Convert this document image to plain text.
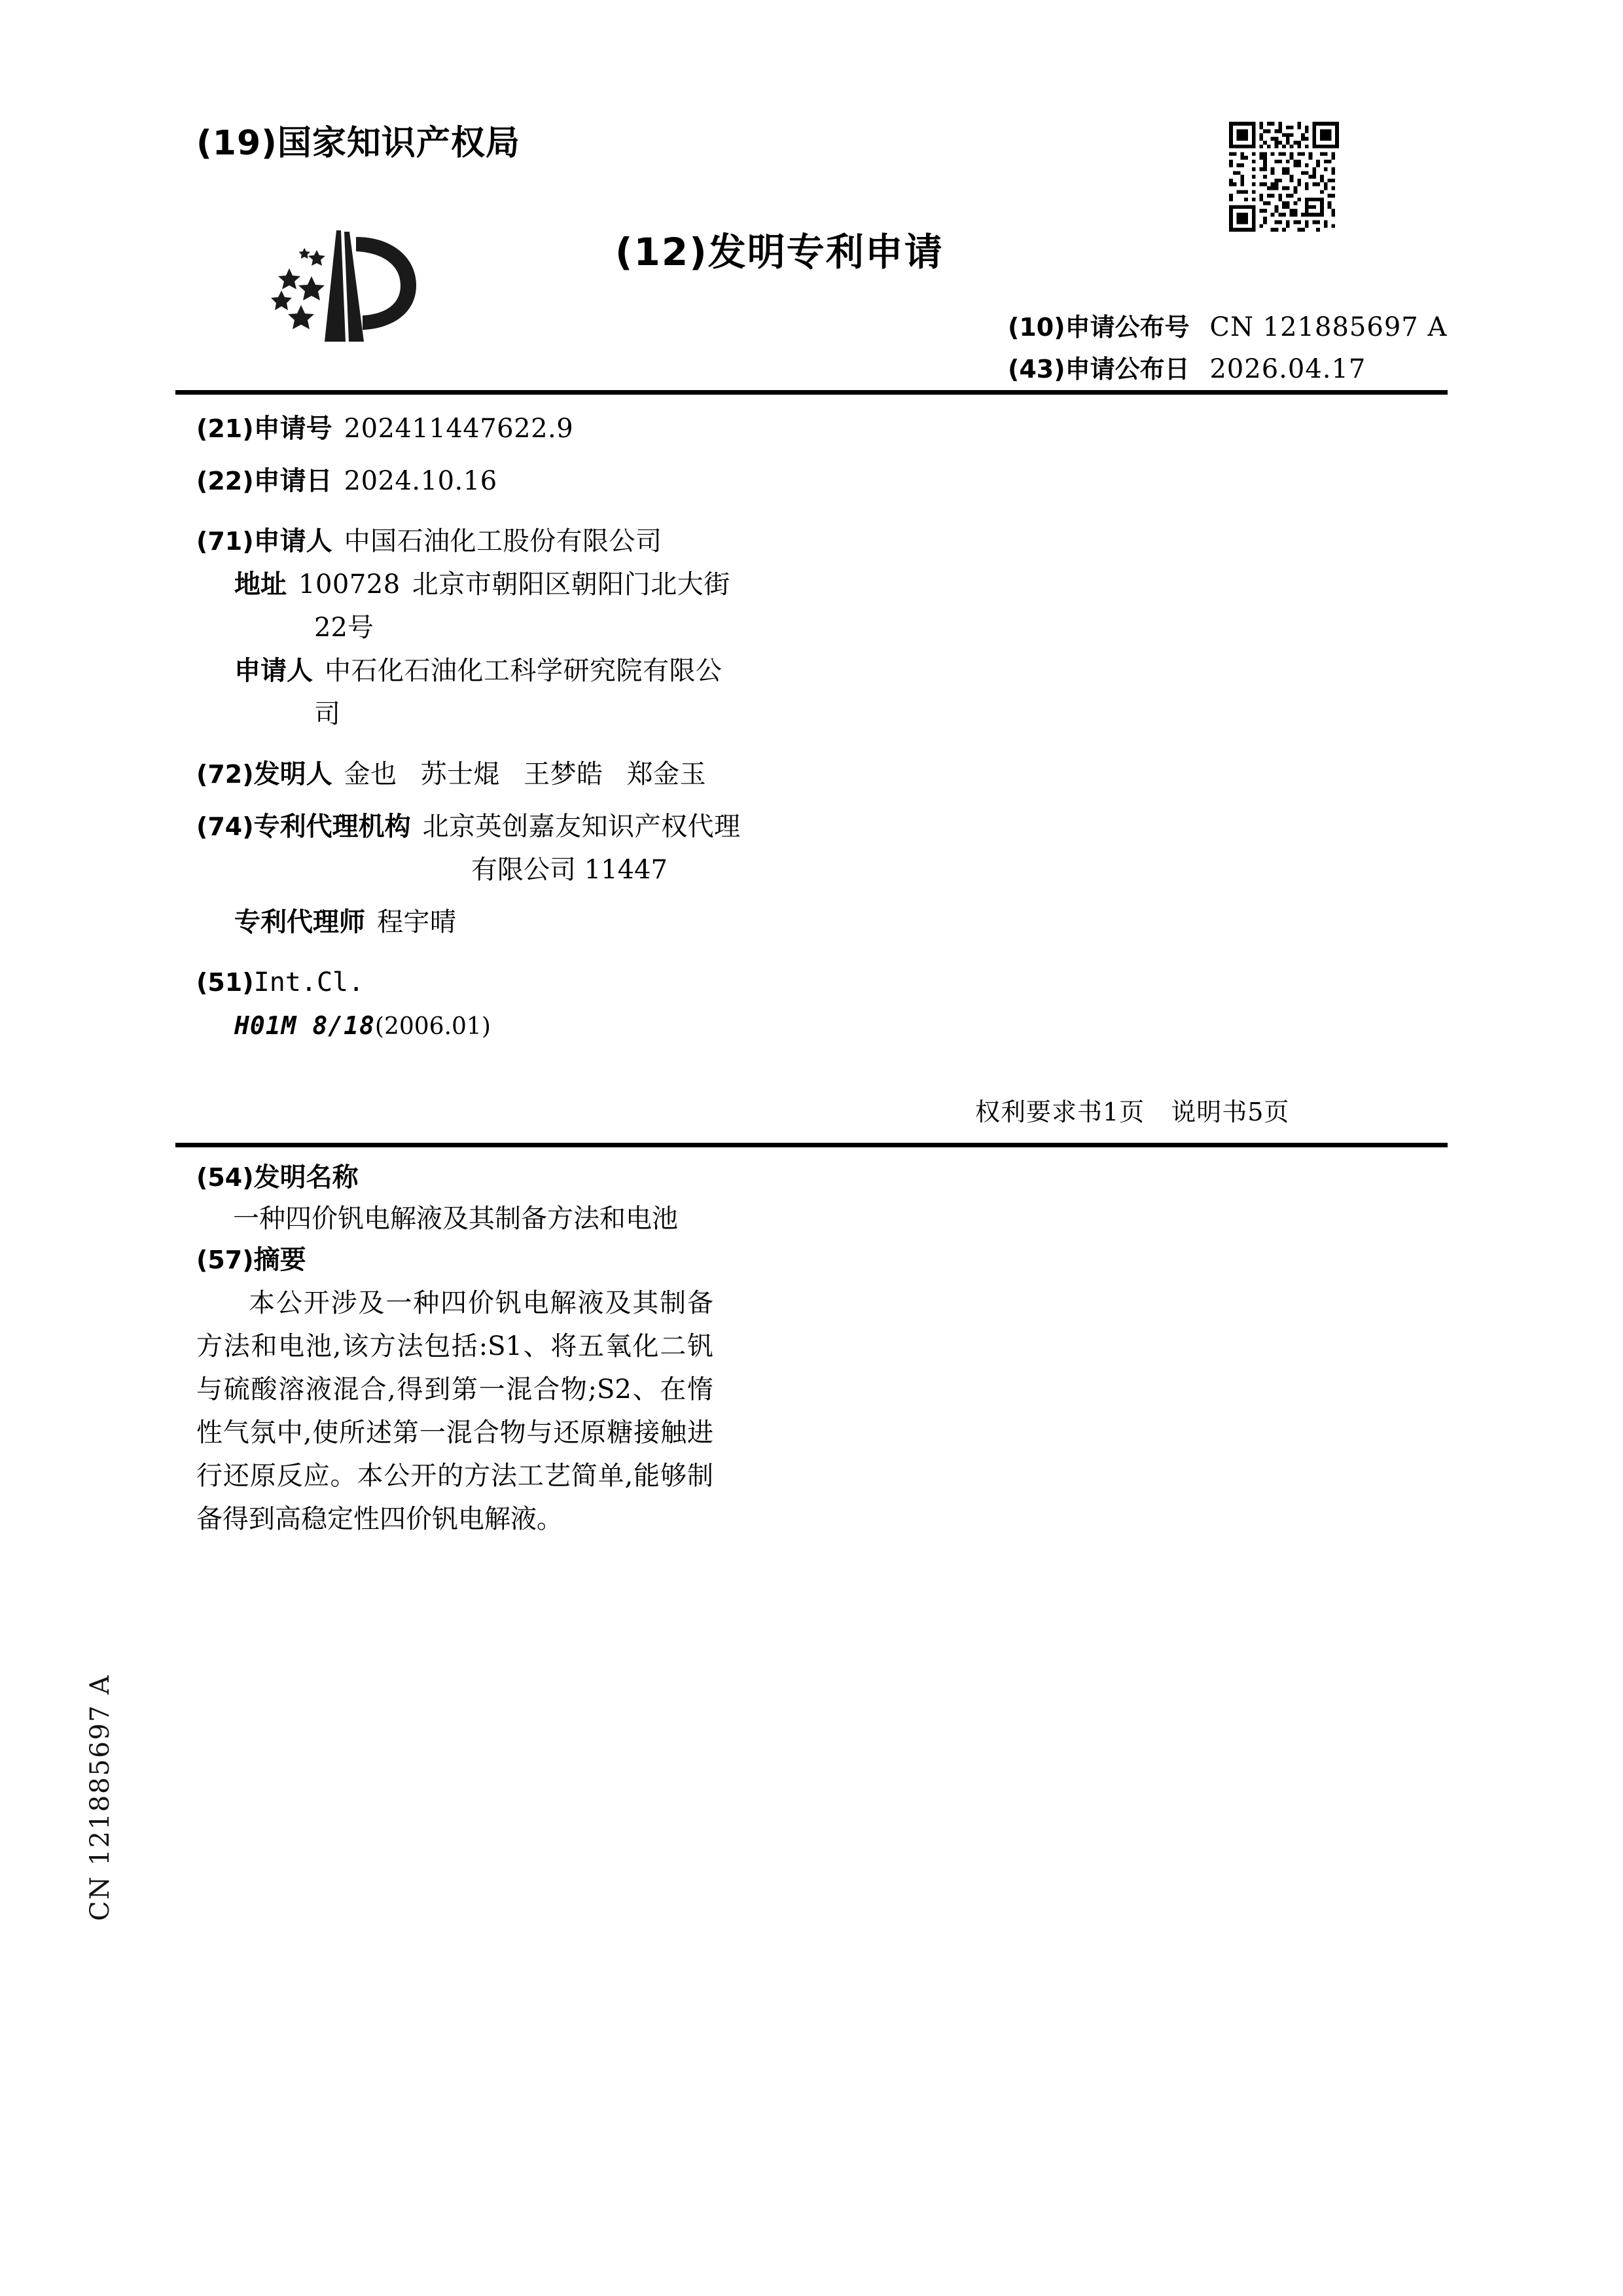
CN 121885697 A
(19)国家知识产权局
(12)发明专利申请
(10)申请公布号 CN 121885697 A
(43)申请公布日 2026.04.17
(21) 申请号 202411447622.9
(22) 申请日 2024.10.16
(71) 申请人 中国石油化工股份有限公司
地址 100728 北京市朝阳区朝阳门北大街
22号
申请人 中石化石油化工科学研究院有限公
司
(72) 发明人 金也 苏士焜 王梦皓 郑金玉
(74) 专利代理机构 北京英创嘉友知识产权代理
有限公司 11447
专利代理师 程宇晴
(51) Int.Cl.
H01M 8/18 (2006.01)
权利要求书1页 说明书5页
(54)发明名称
一种四价钒电解液及其制备方法和电池
(57)摘要

本公开涉及一种四价钒电解液及其制备方法和电池,该方法包括:S1、将五氧化二钒与硫酸溶液混合,得到第一混合物;S2、在惰性气氛中,使所述第一混合物与还原糖接触进行还原反应。本公开的方法工艺简单,能够制备得到高稳定性四价钒电解液。
